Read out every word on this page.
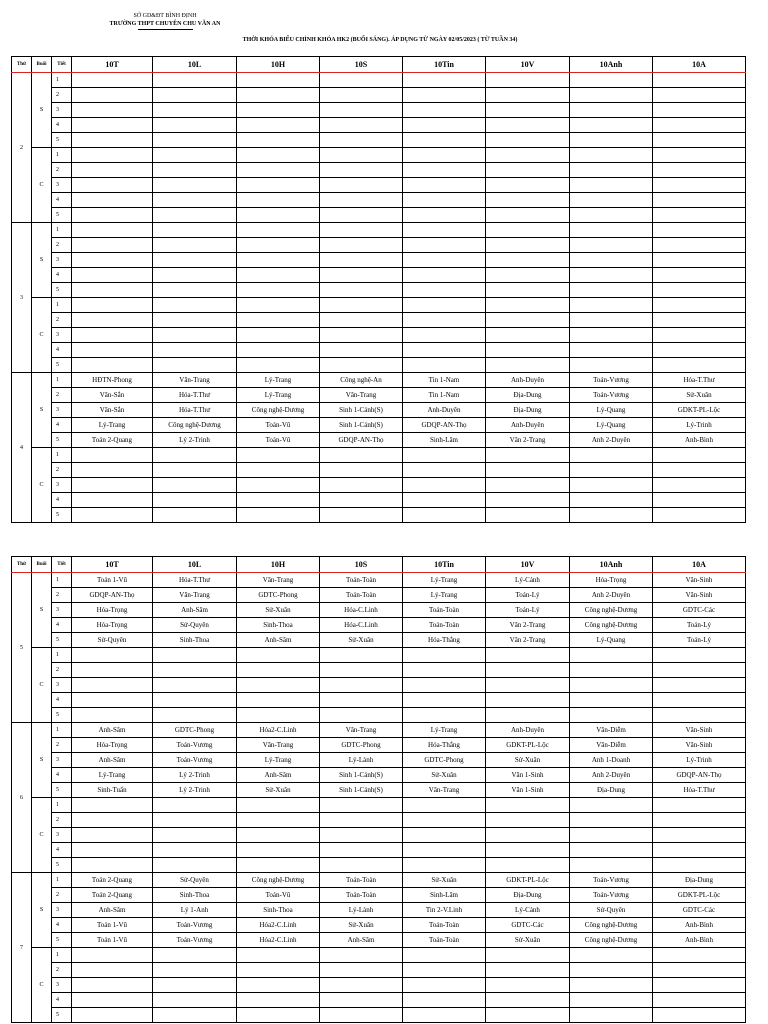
SỞ GD&ĐT BÌNH ĐỊNH
TRƯỜNG THPT CHUYÊN CHU VĂN AN
THỜI KHÓA BIỂU CHỈNH KHÓA HK2 (BUỔI SÁNG). ÁP DỤNG TỪ NGÀY 02/05/2023 ( TỪ TUẦN 34)
Thứ	Buổi	Tiết	10T	10L	10H	10S	10Tin	10V	10Anh	10A
2	S	1								
		2								
		3								
		4								
		5								
	C	1								
		2								
		3								
		4								
		5								
3	S	1								
		2								
		3								
		4								
		5								
	C	1								
		2								
		3								
		4								
		5								
4	S	1	HĐTN-Phong	Văn-Trang	Lý-Trang	Công nghệ-An	Tin 1-Nam	Anh-Duyên	Toán-Vương	Hóa-T.Thư
		2	Văn-Sắn	Hóa-T.Thư	Lý-Trang	Văn-Trang	Tin 1-Nam	Địa-Dung	Toán-Vương	Sử-Xuân
		3	Văn-Sắn	Hóa-T.Thư	Công nghệ-Dương	Sinh 1-Cảnh(S)	Anh-Duyên	Địa-Dung	Lý-Quang	GDKT-PL-Lộc
		4	Lý-Trang	Công nghệ-Dương	Toán-Vũ	Sinh 1-Cảnh(S)	GDQP-AN-Thọ	Anh-Duyên	Lý-Quang	Lý-Trinh
		5	Toán 2-Quang	Lý 2-Trinh	Toán-Vũ	GDQP-AN-Thọ	Sinh-Lâm	Văn 2-Trang	Anh 2-Duyên	Anh-Bình
	C	1								
		2								
		3								
		4								
		5								
Thứ	Buổi	Tiết	10T	10L	10H	10S	10Tin	10V	10Anh	10A
5	S	1	Toán 1-Vũ	Hóa-T.Thư	Văn-Trang	Toán-Toàn	Lý-Trang	Lý-Cảnh	Hóa-Trọng	Văn-Sinh
		2	GDQP-AN-Thọ	Văn-Trang	GDTC-Phong	Toán-Toàn	Lý-Trang	Toán-Lý	Anh 2-Duyên	Văn-Sinh
		3	Hóa-Trọng	Anh-Sâm	Sử-Xuân	Hóa-C.Linh	Toán-Toàn	Toán-Lý	Công nghệ-Dương	GDTC-Các
		4	Hóa-Trọng	Sử-Quyên	Sinh-Thoa	Hóa-C.Linh	Toán-Toàn	Văn 2-Trang	Công nghệ-Dương	Toán-Lý
		5	Sử-Quyên	Sinh-Thoa	Anh-Sâm	Sử-Xuân	Hóa-Thắng	Văn 2-Trang	Lý-Quang	Toán-Lý
	C	1								
		2								
		3								
		4								
		5								
6	S	1	Anh-Sâm	GDTC-Phong	Hóa2-C.Linh	Văn-Trang	Lý-Trang	Anh-Duyên	Văn-Diễm	Văn-Sinh
		2	Hóa-Trọng	Toán-Vương	Văn-Trang	GDTC-Phong	Hóa-Thắng	GDKT-PL-Lộc	Văn-Diễm	Văn-Sinh
		3	Anh-Sâm	Toán-Vương	Lý-Trang	Lý-Lành	GDTC-Phong	Sử-Xuân	Anh 1-Doanh	Lý-Trinh
		4	Lý-Trang	Lý 2-Trinh	Anh-Sâm	Sinh 1-Cảnh(S)	Sử-Xuân	Văn 1-Sinh	Anh 2-Duyên	GDQP-AN-Thọ
		5	Sinh-Tuấn	Lý 2-Trinh	Sử-Xuân	Sinh 1-Cảnh(S)	Văn-Trang	Văn 1-Sinh	Địa-Dung	Hóa-T.Thư
	C	1								
		2								
		3								
		4								
		5								
7	S	1	Toán 2-Quang	Sử-Quyên	Công nghệ-Dương	Toán-Toàn	Sử-Xuân	GDKT-PL-Lộc	Toán-Vương	Địa-Dung
		2	Toán 2-Quang	Sinh-Thoa	Toán-Vũ	Toán-Toàn	Sinh-Lâm	Địa-Dung	Toán-Vương	GDKT-PL-Lộc
		3	Anh-Sâm	Lý 1-Anh	Sinh-Thoa	Lý-Lành	Tin 2-V.Linh	Lý-Cảnh	Sử-Quyên	GDTC-Các
		4	Toán 1-Vũ	Toán-Vương	Hóa2-C.Linh	Sử-Xuân	Toán-Toàn	GDTC-Các	Công nghệ-Dương	Anh-Bình
		5	Toán 1-Vũ	Toán-Vương	Hóa2-C.Linh	Anh-Sâm	Toán-Toàn	Sử-Xuân	Công nghệ-Dương	Anh-Bình
	C	1								
		2								
		3								
		4								
		5								
